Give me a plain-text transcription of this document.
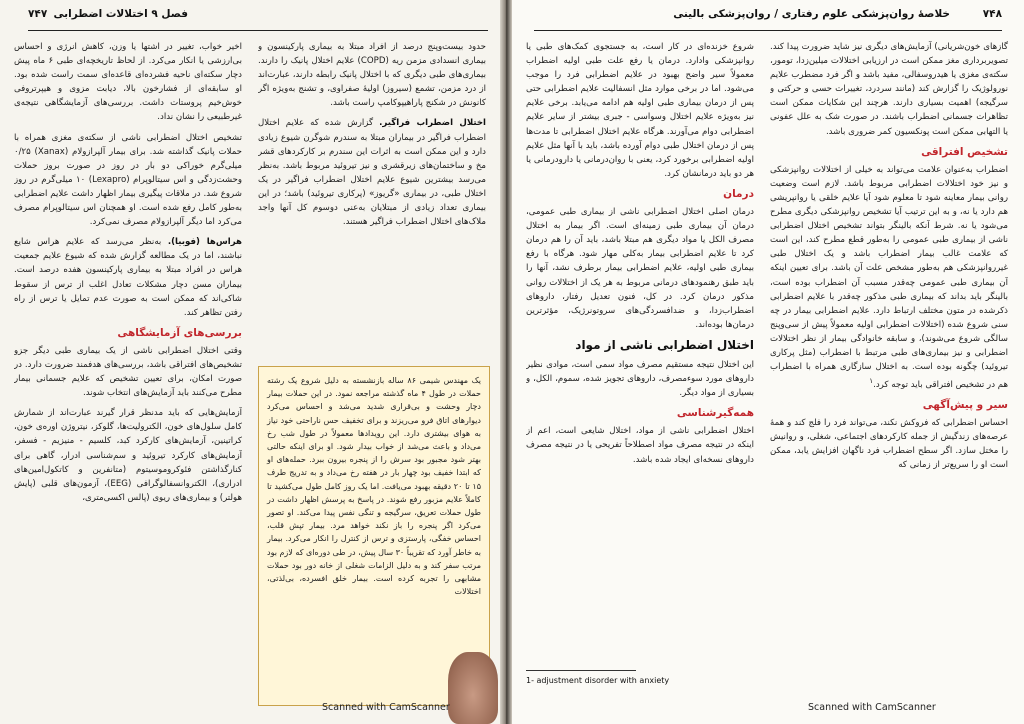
فصل ۹ اختلالات اضطرابی
۷۴۷

حدود بیست‌وپنج درصد از افراد مبتلا به بیماری پارکینسون و بیماری انسدادی مزمن ریه (COPD) علایم اختلال پانیک را دارند. بیماری‌های طبی دیگری که با اختلال پانیک رابطه دارند، عبارت‌اند از درد مزمن، تشمع (سیروز) اولیهٔ صفراوی، و تشنج به‌ویژه اگر کانونش در شکنج پاراهیپوکامپ راست باشد.

اختلال اضطراب فراگیر. گزارش شده که علایم اختلال اضطراب فراگیر در بیماران مبتلا به سندرم شوگرن شیوع زیادی دارد و این ممکن است به اثرات این سندرم بر کارکردهای قشر مخ و ساختمان‌های زیرقشری و نیز تیروئید مربوط باشد. به‌نظر می‌رسد بیشترین شیوع علایم اختلال اضطراب فراگیر در یک اختلال طبی، در بیماری «گریوز» (پرکاری تیروئید) باشد؛ در این بیماری تعداد زیادی از مبتلایان به‌عنی دوسوم کل آنها واجد ملاک‌های اختلال اضطراب فراگیر هستند.

یک مهندس شیمی ۸۶ ساله بازنشسته به دلیل شروع یک رشته حملات در طول ۴ ماه گذشته مراجعه نمود. در این حملات بیمار دچار وحشت و بی‌قراری شدید می‌شد و احساس می‌کرد دیوارهای اتاق فرو می‌ریزند و برای تخفیف حس ناراحتی خود نیاز به هوای بیشتری دارد. این رویدادها معمولاً در طول شب رخ می‌داد و باعث می‌شد از خواب بیدار شود. او برای اینکه حالتی بهتر شود مجبور بود سرش را از پنجره بیرون ببرد. حمله‌های او که ابتدا خفیف بود چهار بار در هفته رخ می‌داد و به تدریج طرف ۱۵ تا ۲۰ دقیقه بهبود می‌یافت. اما یک روز کامل طول می‌کشید تا کاملاً علایم مزبور رفع شوند. در پاسخ به پرسش اظهار داشت در طول حملات تعریق، سرگیجه و تنگی نفس پیدا می‌کند. او تصور می‌کرد اگر پنجره را باز نکند خواهد مرد. بیمار تپش قلب، احساس خفگی، پارستزی و ترس از کنترل را انکار می‌کرد. بیمار به خاطر آورد که تقریباً ۳۰ سال پیش، در طی دوره‌ای که لازم بود مرتب سفر کند و به دلیل الزامات شغلی از خانه دور بود حملات مشابهی را تجربه کرده است. بیمار خلق افسرده، بی‌لذتی، اختلالات

اخیر خواب، تغییر در اشتها یا وزن، کاهش انرژی و احساس بی‌ارزشی یا انکار می‌کرد. از لحاظ تاریخچه‌ای طبی ۶ ماه پیش دچار سکته‌ای ناحیه فشرده‌ای قاعده‌ای سمت راست شده بود. او سابقه‌ای از فشارخون بالا، دیابت مزوی و هیپرتروفی خوش‌خیم پروستات داشت. بررسی‌های آزمایشگاهی نتیجه‌ی غیرطبیعی را نشان نداد.

تشخیص اختلال اضطرابی ناشی از سکته‌ی مغزی همراه با حملات پانیک گذاشته شد. برای بیمار آلپرازولام (Xanax) ۰/۲۵ میلی‌گرم خوراکی دو بار در روز در صورت بروز حملات وحشت‌زدگی و اس سیتالوپرام (Lexapro) ۱۰ میلی‌گرم در روز شروع شد. در ملاقات پیگیری بیمار اظهار داشت علایم اضطرابی به‌طور کامل رفع شده است. او همچنان اس سیتالوپرام مصرف می‌کرد اما دیگر آلپرازولام مصرف نمی‌کرد.

هراس‌ها (فوبیا). به‌نظر می‌رسد که علایم هراس شایع نباشند، اما در یک مطالعه گزارش شده که شیوع علایم جمعیت هراس در افراد مبتلا به بیماری پارکینسون هفده درصد است. بیماران مسن دچار مشکلات تعادل اغلب از ترس از سقوط شاکی‌اند که ممکن است به صورت عدم تمایل یا ترس از راه رفتن تظاهر کند.

بررسی‌های آزمایشگاهی

وقتی اختلال اضطرابی ناشی از یک بیماری طبی دیگر جزو تشخیص‌های افتراقی باشد، بررسی‌های هدفمند ضرورت دارد. در صورت امکان، برای تعیین تشخیص که علایم جسمانی بیمار مطرح می‌کنند باید آزمایش‌های انتخاب شوند.

آزمایش‌هایی که باید مدنظر قرار گیرند عبارت‌اند از شمارش کامل سلول‌های خون، الکترولیت‌ها، گلوکز، نیتروژن اوره‌ی خون، کراتینین، آزمایش‌های کارکرد کبد، کلسیم - منیزیم - فسفر، آزمایش‌های کارکرد تیروئید و سم‌شناسی ادرار، گاهی برای کنارگذاشتن فئوکروموسیتوم (متانفرین و کاتکول‌امین‌های ادراری)، الکتروانسفالوگرافی (EEG)، آزمون‌های قلبی (پایش هولتر) و بیماری‌های ریوی (پالس اکسی‌متری،

Scanned with CamScanner
۷۴۸
خلاصهٔ روان‌پزشکی علوم رفتاری / روان‌پزشکی بالینی

گازهای خون‌شریانی) آزمایش‌های دیگری نیز شاید ضرورت پیدا کند. تصویربرداری مغز ممکن است در ارزیابی اختلالات میلین‌زدا، تومور، سکته‌ی مغزی یا هیدروسفالی، مفید باشد و اگر فرد مضطرب علایم نورولوژیک را گزارش کند (مانند سردرد، تغییرات حسی و حرکتی و سرگیجه) اهمیت بسیاری دارند. هرچند این شکایات ممکن است تظاهرات جسمانی اضطراب باشند. در صورت شک به علل عفونی یا التهابی ممکن است پونکسیون کمر ضروری باشد.

تشخیص افتراقی

اضطراب به‌عنوان علامت می‌تواند به خیلی از اختلالات روانپزشکی و نیز خود اختلالات اضطرابی مربوط باشد. لازم است وضعیت روانی بیمار معاینه شود تا معلوم شود آیا علایم خلقی یا روانپریشی هم دارد یا نه، و به این ترتیب آیا تشخیص روانپزشکی دیگری مطرح می‌شود یا نه. شرط آنکه بالینگر بتواند تشخیص اختلال اضطرابی ناشی از بیماری طبی عمومی را به‌طور قطع مطرح کند، این است که علامت غالب بیمار اضطراب باشد و یک اختلال طبی غیرروانپزشکی هم به‌طور مشخص علت آن باشد. برای تعیین اینکه آن بیماری طبی عمومی چه‌قدر مسبب آن اضطراب بوده است، بالینگر باید بداند که بیماری طبی مذکور چه‌قدر با علایم اضطرابی ذکرشده در متون مختلف ارتباط دارد. علایم اضطرابی بیمار در چه سنی شروع شده (اختلالات اضطرابی اولیه معمولاً پیش از سی‌وپنج سالگی شروع می‌شوند)، و سابقه خانوادگی بیمار از نظر اختلالات اضطرابی و نیز بیماری‌های طبی مرتبط با اضطراب (مثل پرکاری تیروئید) چگونه بوده است. به اختلال سازگاری همراه با اضطراب هم در تشخیص افتراقی باید توجه کرد.$^۱$

سیر و پیش‌آگهی

احساس اضطرابی که فروکش نکند، می‌تواند فرد را فلج کند و همهٔ عرصه‌های زندگیش از جمله کارکردهای اجتماعی، شغلی، و روانیش را مختل سازد. اگر سطح اضطراب فرد ناگهان افزایش یابد، ممکن است او را سریع‌تر از زمانی که

شروع خزنده‌ای در کار است، به جستجوی کمک‌های طبی یا روانپزشکی وادارد. درمان یا رفع علت طبی اولیه اضطراب معمولاً سیر واضح بهبود در علایم اضطرابی فرد را موجب می‌شود. اما در برخی موارد مثل انسفالیت علایم اضطرابی حتی پس از درمان بیماری طبی اولیه هم ادامه می‌یابد. برخی علایم نیز به‌ویژه علایم اختلال وسواسی - جبری بیشتر از سایر علایم اضطرابی دوام می‌آورند. هرگاه علایم اختلال اضطرابی تا مدت‌ها پس از درمان اختلال طبی دوام آورده باشد، باید با آنها مثل علایم اولیه اضطرابی برخورد کرد، یعنی با روان‌درمانی یا دارودرمانی یا هر دو باید درمانشان کرد.

درمان

درمان اصلی اختلال اضطرابی ناشی از بیماری طبی عمومی، درمان آن بیماری طبی زمینه‌ای است. اگر بیمار به اختلال مصرف الکل یا مواد دیگری هم مبتلا باشد، باید آن را هم درمان کرد تا علایم اضطرابی بیمار به‌کلی مهار شود. هرگاه با رفع بیماری طبی اولیه، علایم اضطرابی بیمار برطرف نشد، آنها را باید طبق رهنمودهای درمانی مربوط به هر یک از اختلالات روانی مذکور درمان کرد. در کل، فنون تعدیل رفتار، داروهای اضطراب‌زدا، و ضدافسردگی‌های سروتونرژیک، مؤثرترین درمان‌ها بوده‌اند.

اختلال اضطرابی ناشی از مواد

این اختلال نتیجه مستقیم مصرف مواد سمی است، موادی نظیر داروهای مورد سوءمصرف، داروهای تجویز شده، سموم، الکل، و بسیاری از مواد دیگر.

همه‌گیرشناسی

اختلال اضطرابی ناشی از مواد، اختلال شایعی است، اعم از اینکه در نتیجه مصرف مواد اصطلاحاً تفریحی یا در نتیجه مصرف داروهای نسخه‌ای ایجاد شده باشد.

1- adjustment disorder with anxiety
Scanned with CamScanner
